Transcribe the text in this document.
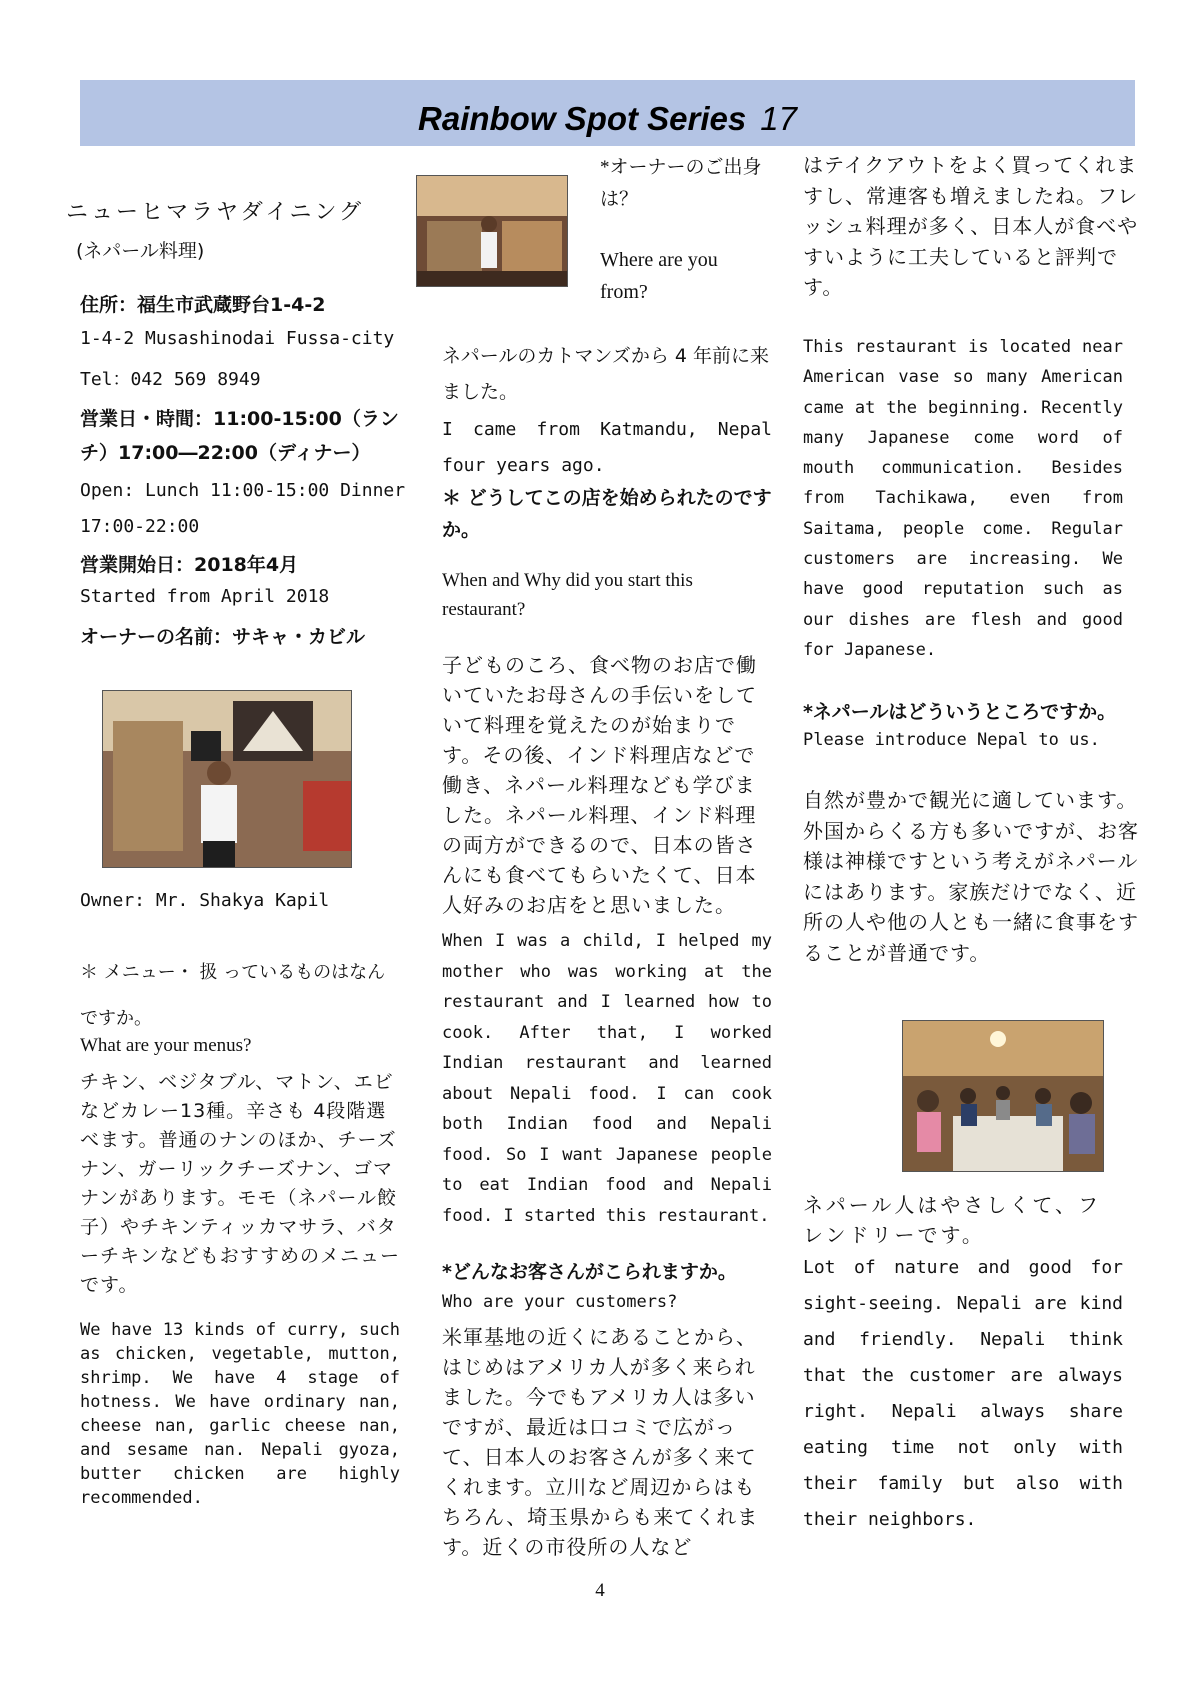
Rainbow Spot Series 17
ニューヒマラヤダイニング
(ネパール料理)
住所：福生市武蔵野台1-4-2
1-4-2 Musashinodai Fussa-city
Tel：042 569 8949
営業日・時間：11:00-15:00（ランチ）17:00―22:00（ディナー）
Open: Lunch 11:00-15:00 Dinner 17:00-22:00
営業開始日：2018年4月
Started from April 2018
オーナーの名前：サキャ・カビル
Owner: Mr. Shakya Kapil
＊ メニュー・ 扱 っているものはなんですか。
What are your menus?
チキン、ベジタブル、マトン、エビなどカレー13種。辛さも 4段階選べます。普通のナンのほか、チーズナン、ガーリックチーズナン、ゴマナンがあります。モモ（ネパール餃子）やチキンティッカマサラ、バターチキンなどもおすすめのメニューです。
We have 13 kinds of curry, such as chicken, vegetable, mutton, shrimp. We have 4 stage of hotness. We have ordinary nan, cheese nan, garlic cheese nan, and sesame nan. Nepali gyoza, butter chicken are highly recommended.
*オーナーのご出身は？
Where are you from?
ネパールのカトマンズから 4 年前に来ました。
I came from Katmandu, Nepal four years ago.
＊ どうしてこの店を始められたのですか。
When and Why did you start this restaurant?
子どものころ、食べ物のお店で働いていたお母さんの手伝いをしていて料理を覚えたのが始まりです。その後、インド料理店などで働き、ネパール料理なども学びました。ネパール料理、インド料理の両方ができるので、日本の皆さんにも食べてもらいたくて、日本人好みのお店をと思いました。
When I was a child, I helped my mother who was working at the restaurant and I learned how to cook. After that, I worked Indian restaurant and learned about Nepali food. I can cook both Indian food and Nepali food. So I want Japanese people to eat Indian food and Nepali food. I started this restaurant.
*どんなお客さんがこられますか。
Who are your customers?
米軍基地の近くにあることから、はじめはアメリカ人が多く来られました。今でもアメリカ人は多いですが、最近は口コミで広がって、日本人のお客さんが多く来てくれます。立川など周辺からはもちろん、埼玉県からも来てくれます。近くの市役所の人など
はテイクアウトをよく買ってくれますし、常連客も増えましたね。フレッシュ料理が多く、日本人が食べやすいように工夫していると評判です。
This restaurant is located near American vase so many American came at the beginning. Recently many Japanese come word of mouth communication. Besides from Tachikawa, even from Saitama, people come. Regular customers are increasing. We have good reputation such as our dishes are flesh and good for Japanese.
*ネパールはどういうところですか。
Please introduce Nepal to us.
自然が豊かで観光に適しています。外国からくる方も多いですが、お客様は神様ですという考えがネパールにはあります。家族だけでなく、近所の人や他の人とも一緒に食事をすることが普通です。
ネパール人はやさしくて、フレンドリーです。
Lot of nature and good for sight-seeing. Nepali are kind and friendly. Nepali think that the customer are always right. Nepali always share eating time not only with their family but also with their neighbors.
4
